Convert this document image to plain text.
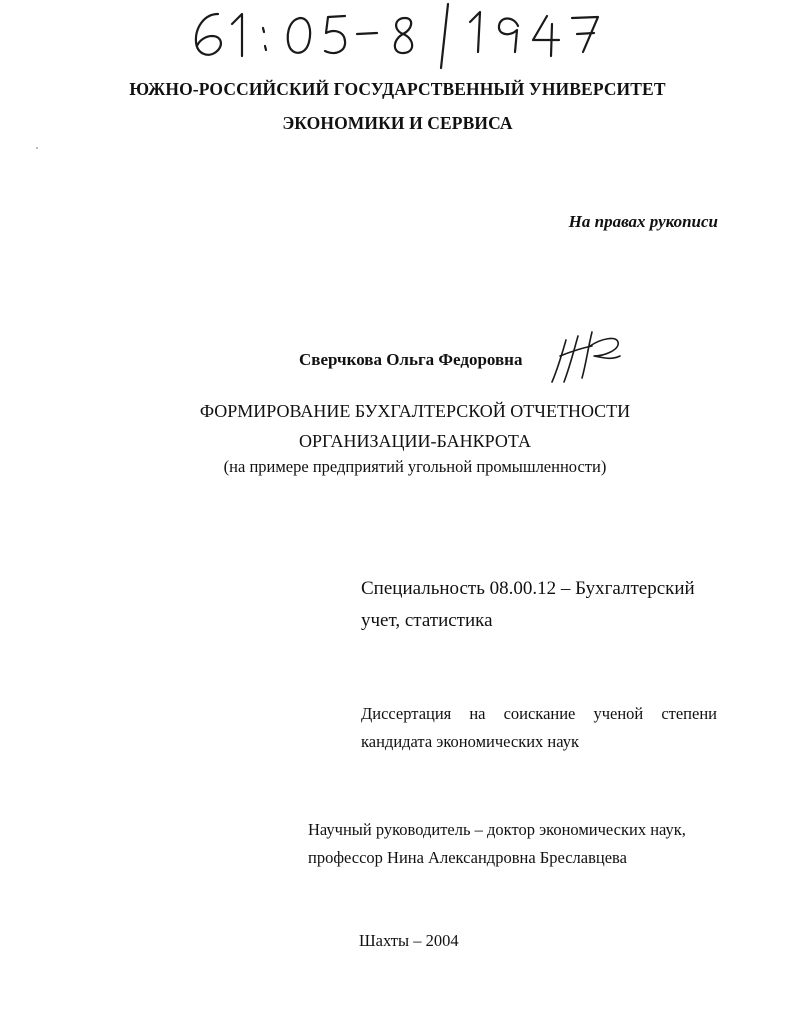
ЮЖНО-РОССИЙСКИЙ ГОСУДАРСТВЕННЫЙ УНИВЕРСИТЕТ
ЭКОНОМИКИ И СЕРВИСА
На правах рукописи
Сверчкова Ольга Федоровна
ФОРМИРОВАНИЕ БУХГАЛТЕРСКОЙ ОТЧЕТНОСТИ
ОРГАНИЗАЦИИ-БАНКРОТА
(на примере предприятий угольной промышленности)
Специальность 08.00.12 – Бухгалтерский
учет, статистика
Диссертация на соискание ученой степени
кандидата экономических наук
Научный руководитель – доктор экономических наук,
профессор Нина Александровна Бреславцева
Шахты – 2004
